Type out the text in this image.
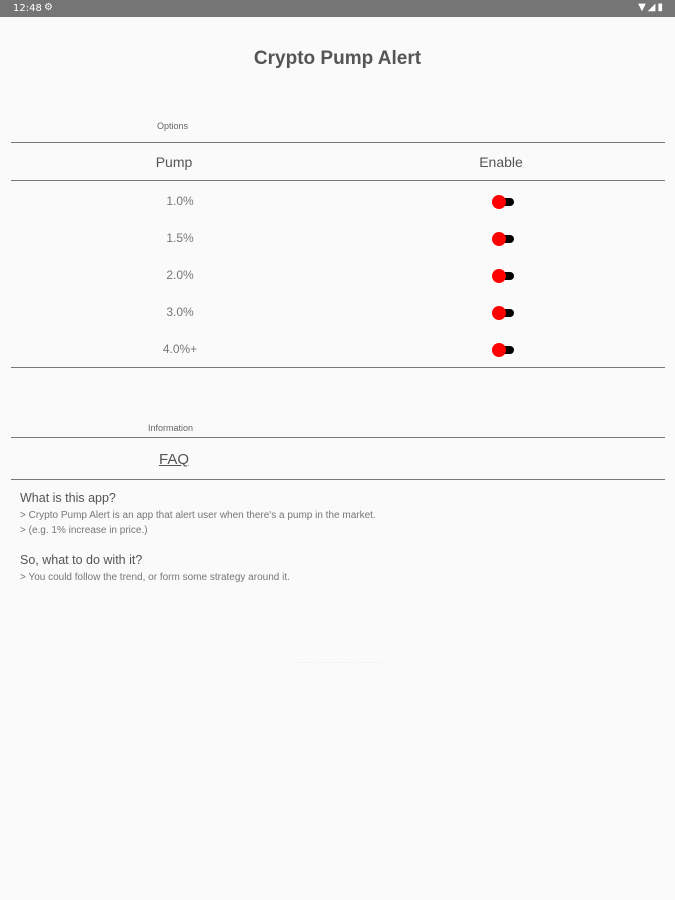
12:48 ⚙	▼◢▮
Crypto Pump Alert
Options
Pump	Enable
1.0%
1.5%
2.0%
3.0%
4.0%+
Information
FAQ
What is this app?
> Crypto Pump Alert is an app that alert user when there's a pump in the market.
> (e.g. 1% increase in price.)
So, what to do with it?
> You could follow the trend, or form some strategy around it.
· · · · · · · · · · · · · · · · · · · · · · · · · · · · · · · · · · · ·
